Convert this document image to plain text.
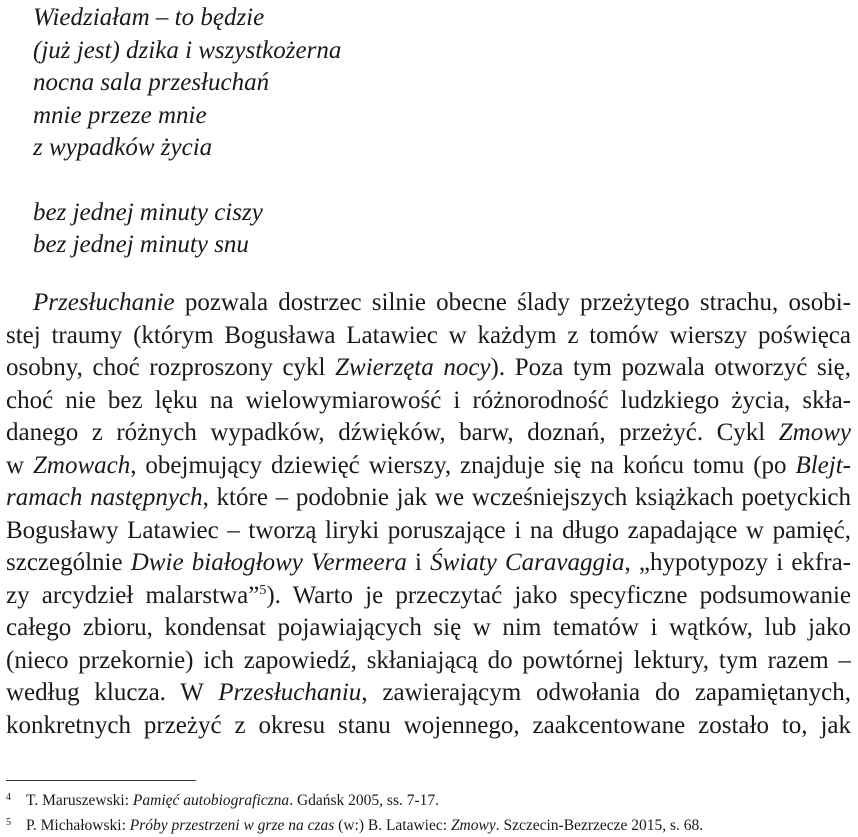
Wiedziałam – to będzie
(już jest) dzika i wszystkożerna
nocna sala przesłuchań
mnie przeze mnie
z wypadków życia
bez jednej minuty ciszy
bez jednej minuty snu
Przesłuchanie pozwala dostrzec silnie obecne ślady przeżytego strachu, osobi-
stej traumy (którym Bogusława Latawiec w każdym z tomów wierszy poświęca
osobny, choć rozproszony cykl Zwierzęta nocy). Poza tym pozwala otworzyć się,
choć nie bez lęku na wielowymiarowość i różnorodność ludzkiego życia, skła-
danego z różnych wypadków, dźwięków, barw, doznań, przeżyć. Cykl Zmowy
w Zmowach, obejmujący dziewięć wierszy, znajduje się na końcu tomu (po Blejt-
ramach następnych, które – podobnie jak we wcześniejszych książkach poetyckich
Bogusławy Latawiec – tworzą liryki poruszające i na długo zapadające w pamięć,
szczególnie Dwie białogłowy Vermeera i Światy Caravaggia, „hypotypozy i ekfra-
zy arcydzieł malarstwa”$^5$). Warto je przeczytać jako specyficzne podsumowanie
całego zbioru, kondensat pojawiających się w nim tematów i wątków, lub jako
(nieco przekornie) ich zapowiedź, skłaniającą do powtórnej lektury, tym razem –
według klucza. W Przesłuchaniu, zawierającym odwołania do zapamiętanych,
konkretnych przeżyć z okresu stanu wojennego, zaakcentowane zostało to, jak
4 T. Maruszewski: Pamięć autobiograficzna. Gdańsk 2005, ss. 7-17.
5 P. Michałowski: Próby przestrzeni w grze na czas (w:) B. Latawiec: Zmowy. Szczecin-Bezrzecze 2015, s. 68.
